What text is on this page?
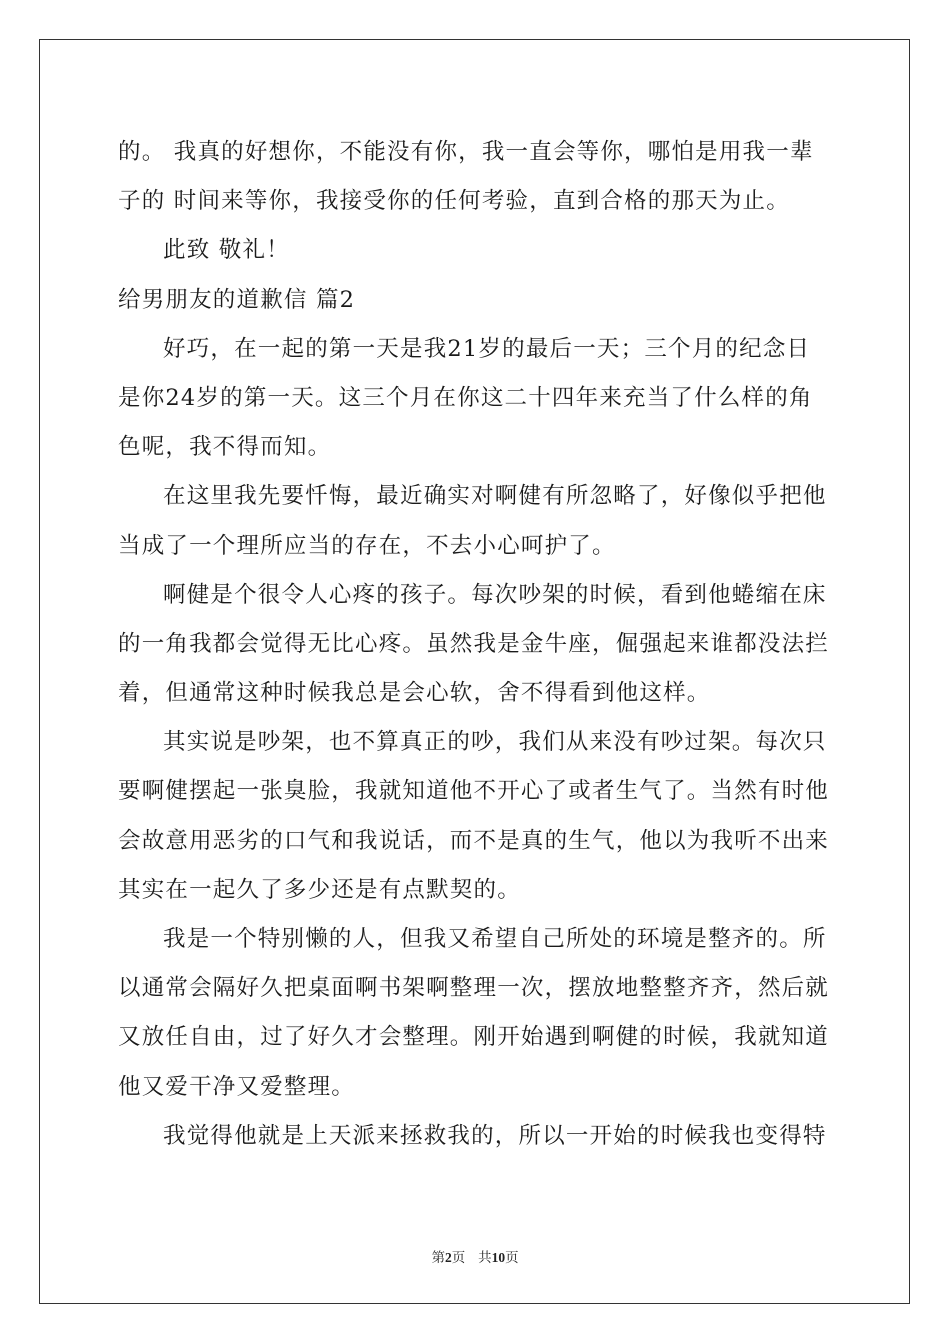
的。 我真的好想你，不能没有你，我一直会等你，哪怕是用我一辈
子的 时间来等你，我接受你的任何考验，直到合格的那天为止。
此致 敬礼！
给男朋友的道歉信 篇2
好巧，在一起的第一天是我21岁的最后一天；三个月的纪念日
是你24岁的第一天。这三个月在你这二十四年来充当了什么样的角
色呢，我不得而知。
在这里我先要忏悔，最近确实对啊健有所忽略了，好像似乎把他
当成了一个理所应当的存在，不去小心呵护了。
啊健是个很令人心疼的孩子。每次吵架的时候，看到他蜷缩在床
的一角我都会觉得无比心疼。虽然我是金牛座，倔强起来谁都没法拦
着，但通常这种时候我总是会心软，舍不得看到他这样。
其实说是吵架，也不算真正的吵，我们从来没有吵过架。每次只
要啊健摆起一张臭脸，我就知道他不开心了或者生气了。当然有时他
会故意用恶劣的口气和我说话，而不是真的生气，他以为我听不出来
其实在一起久了多少还是有点默契的。
我是一个特别懒的人，但我又希望自己所处的环境是整齐的。所
以通常会隔好久把桌面啊书架啊整理一次，摆放地整整齐齐，然后就
又放任自由，过了好久才会整理。刚开始遇到啊健的时候，我就知道
他又爱干净又爱整理。
我觉得他就是上天派来拯救我的，所以一开始的时候我也变得特
第2页 共10页
